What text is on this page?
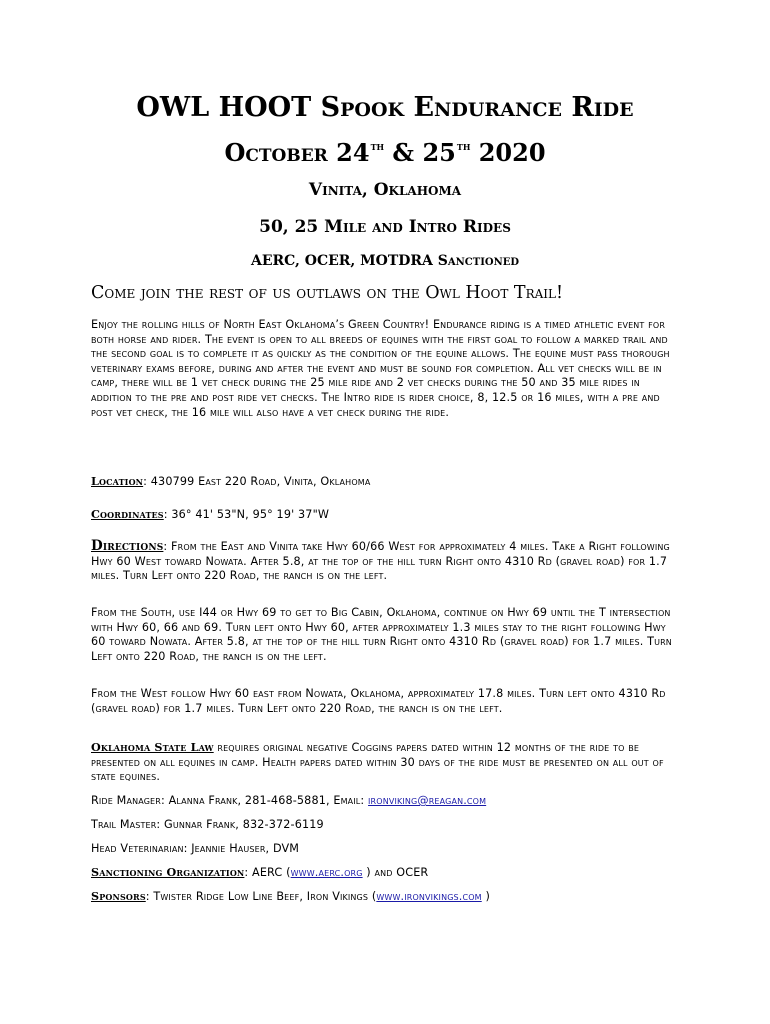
OWL HOOT Spook Endurance Ride
October 24th & 25th 2020
Vinita, Oklahoma
50, 25 Mile and Intro Rides
AERC, OCER, MOTDRA Sanctioned

Come join the rest of us outlaws on the Owl Hoot Trail!

Enjoy the rolling hills of North East Oklahoma’s Green Country! Endurance riding is a timed athletic event for both horse and rider. The event is open to all breeds of equines with the first goal to follow a marked trail and the second goal is to complete it as quickly as the condition of the equine allows. The equine must pass thorough veterinary exams before, during and after the event and must be sound for completion. All vet checks will be in camp, there will be 1 vet check during the 25 mile ride and 2 vet checks during the 50 and 35 mile rides in addition to the pre and post ride vet checks. The Intro ride is rider choice, 8, 12.5 or 16 miles, with a pre and post vet check, the 16 mile will also have a vet check during the ride.

Location: 430799 East 220 Road, Vinita, Oklahoma

Coordinates: 36° 41' 53"N, 95° 19' 37"W

Directions: From the East and Vinita take Hwy 60/66 West for approximately 4 miles. Take a Right following Hwy 60 West toward Nowata. After 5.8, at the top of the hill turn Right onto 4310 Rd (gravel road) for 1.7 miles. Turn Left onto 220 Road, the ranch is on the left.

From the South, use I44 or Hwy 69 to get to Big Cabin, Oklahoma, continue on Hwy 69 until the T intersection with Hwy 60, 66 and 69. Turn left onto Hwy 60, after approximately 1.3 miles stay to the right following Hwy 60 toward Nowata. After 5.8, at the top of the hill turn Right onto 4310 Rd (gravel road) for 1.7 miles. Turn Left onto 220 Road, the ranch is on the left.

From the West follow Hwy 60 east from Nowata, Oklahoma, approximately 17.8 miles. Turn left onto 4310 Rd (gravel road) for 1.7 miles. Turn Left onto 220 Road, the ranch is on the left.

Oklahoma State Law requires original negative Coggins papers dated within 12 months of the ride to be presented on all equines in camp. Health papers dated within 30 days of the ride must be presented on all out of state equines.

Ride Manager: Alanna Frank, 281-468-5881, Email: ironviking@reagan.com

Trail Master: Gunnar Frank, 832-372-6119

Head Veterinarian: Jeannie Hauser, DVM

Sanctioning Organization: AERC (www.aerc.org ) and OCER

Sponsors: Twister Ridge Low Line Beef, Iron Vikings (www.ironvikings.com )
